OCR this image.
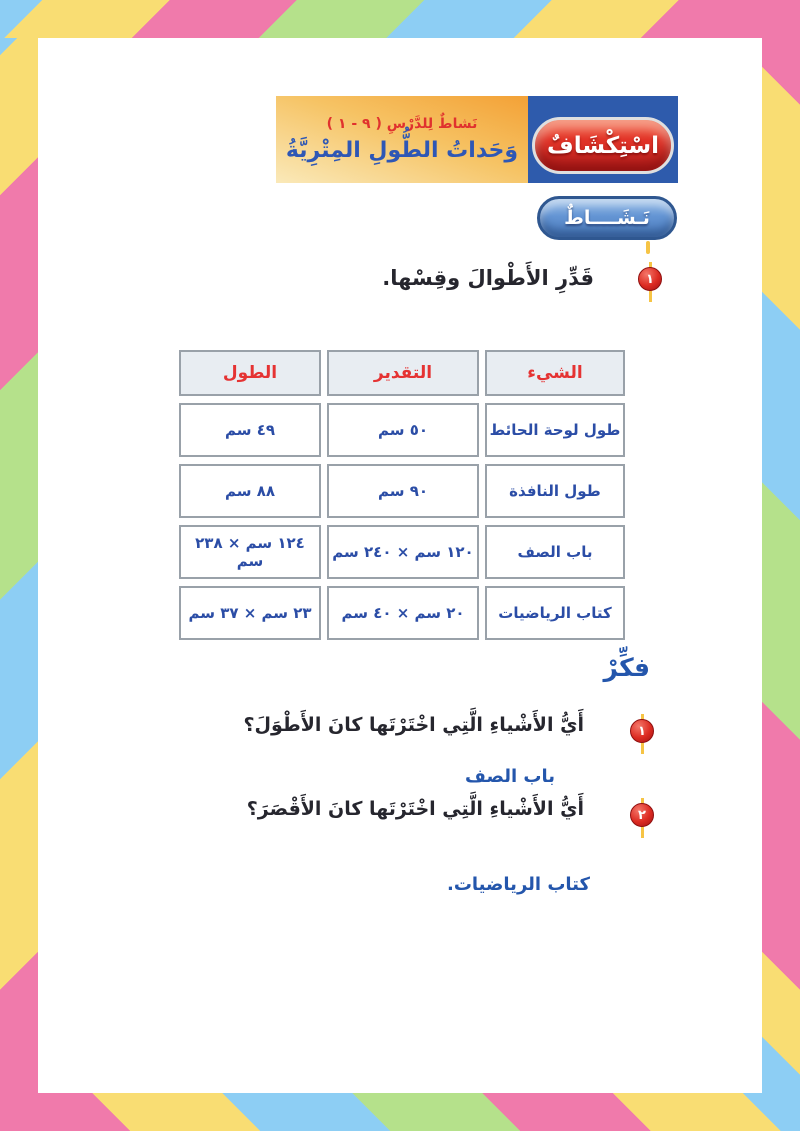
نَشاطٌ لِلدَّرْسِ ( ٩ - ١ )
وَحَداتُ الطُّولِ المِتْرِيَّةُ اسْتِكْشَافٌ
نَـشَــــاطٌ
١
قَدِّرِ الأَطْوالَ وقِسْها.
الشيء	التقدير	الطول
طول لوحة الحائط	٥٠ سم	٤٩ سم
طول النافذة	٩٠ سم	٨٨ سم
باب الصف	١٢٠ سم × ٢٤٠ سم	١٢٤ سم × ٢٣٨ سم
كتاب الرياضيات	٢٠ سم × ٤٠ سم	٢٣ سم × ٣٧ سم
فكِّرْ
١
أَيُّ الأَشْياءِ الَّتِي اخْتَرْتَها كانَ الأَطْوَلَ؟
باب الصف
٢
أَيُّ الأَشْياءِ الَّتِي اخْتَرْتَها كانَ الأَقْصَرَ؟
كتاب الرياضيات.
